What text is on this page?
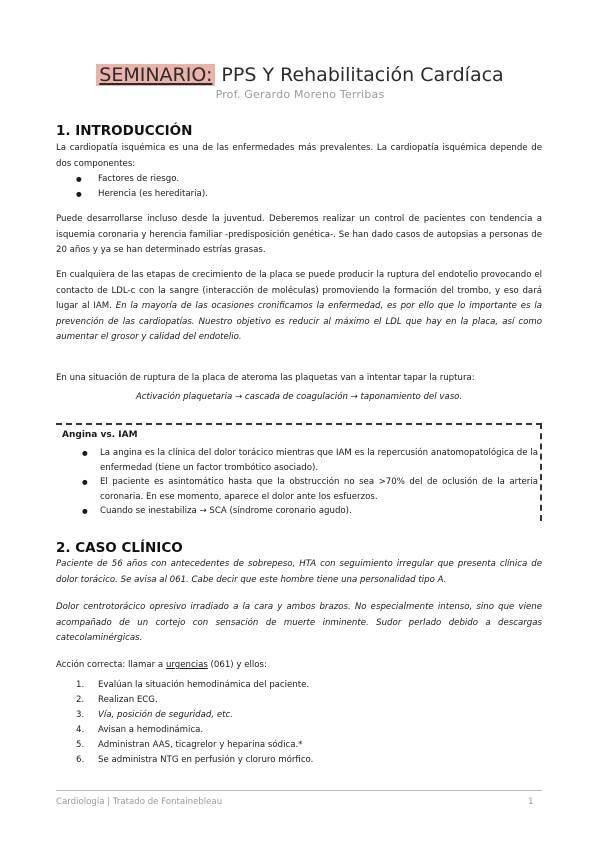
SEMINARIO: PPS Y Rehabilitación Cardíaca
Prof. Gerardo Moreno Terribas
1. INTRODUCCIÓN

La cardiopatía isquémica es una de las enfermedades más prevalentes. La cardiopatía isquémica depende de dos componentes:

● Factores de riesgo.
● Herencia (es hereditaria).

Puede desarrollarse incluso desde la juventud. Deberemos realizar un control de pacientes con tendencia a isquemia coronaria y herencia familiar -predisposición genética-. Se han dado casos de autopsias a personas de 20 años y ya se han determinado estrías grasas.

En cualquiera de las etapas de crecimiento de la placa se puede producir la ruptura del endotelio provocando el contacto de LDL-c con la sangre (interacción de moléculas) promoviendo la formación del trombo, y eso dará lugar al IAM. En la mayoría de las ocasiones cronificamos la enfermedad, es por ello que lo importante es la prevención de las cardiopatías. Nuestro objetivo es reducir al máximo el LDL que hay en la placa, así como aumentar el grosor y calidad del endotelio.

En una situación de ruptura de la placa de ateroma las plaquetas van a intentar tapar la ruptura:

Activación plaquetaria → cascada de coagulación → taponamiento del vaso.
Angina vs. IAM
● La angina es la clínica del dolor torácico mientras que IAM es la repercusión anatomopatológica de la enfermedad (tiene un factor trombótico asociado).
● El paciente es asintomático hasta que la obstrucción no sea >70% del de oclusión de la arteria coronaria. En ese momento, aparece el dolor ante los esfuerzos.
● Cuando se inestabiliza → SCA (síndrome coronario agudo).
2. CASO CLÍNICO

Paciente de 56 años con antecedentes de sobrepeso, HTA con seguimiento irregular que presenta clínica de dolor torácico. Se avisa al 061. Cabe decir que este hombre tiene una personalidad tipo A.

Dolor centrotorácico opresivo irradiado a la cara y ambos brazos. No especialmente intenso, sino que viene acompañado de un cortejo con sensación de muerte inminente. Sudor perlado debido a descargas catecolaminérgicas.

Acción correcta: llamar a urgencias (061) y ellos:

1. Evalúan la situación hemodinámica del paciente.
2. Realizan ECG.
3. Vía, posición de seguridad, etc.
4. Avisan a hemodinámica.
5. Administran AAS, ticagrelor y heparina sódica.*
6. Se administra NTG en perfusión y cloruro mórfico.
Cardiología | Tratado de Fontainebleau	1
